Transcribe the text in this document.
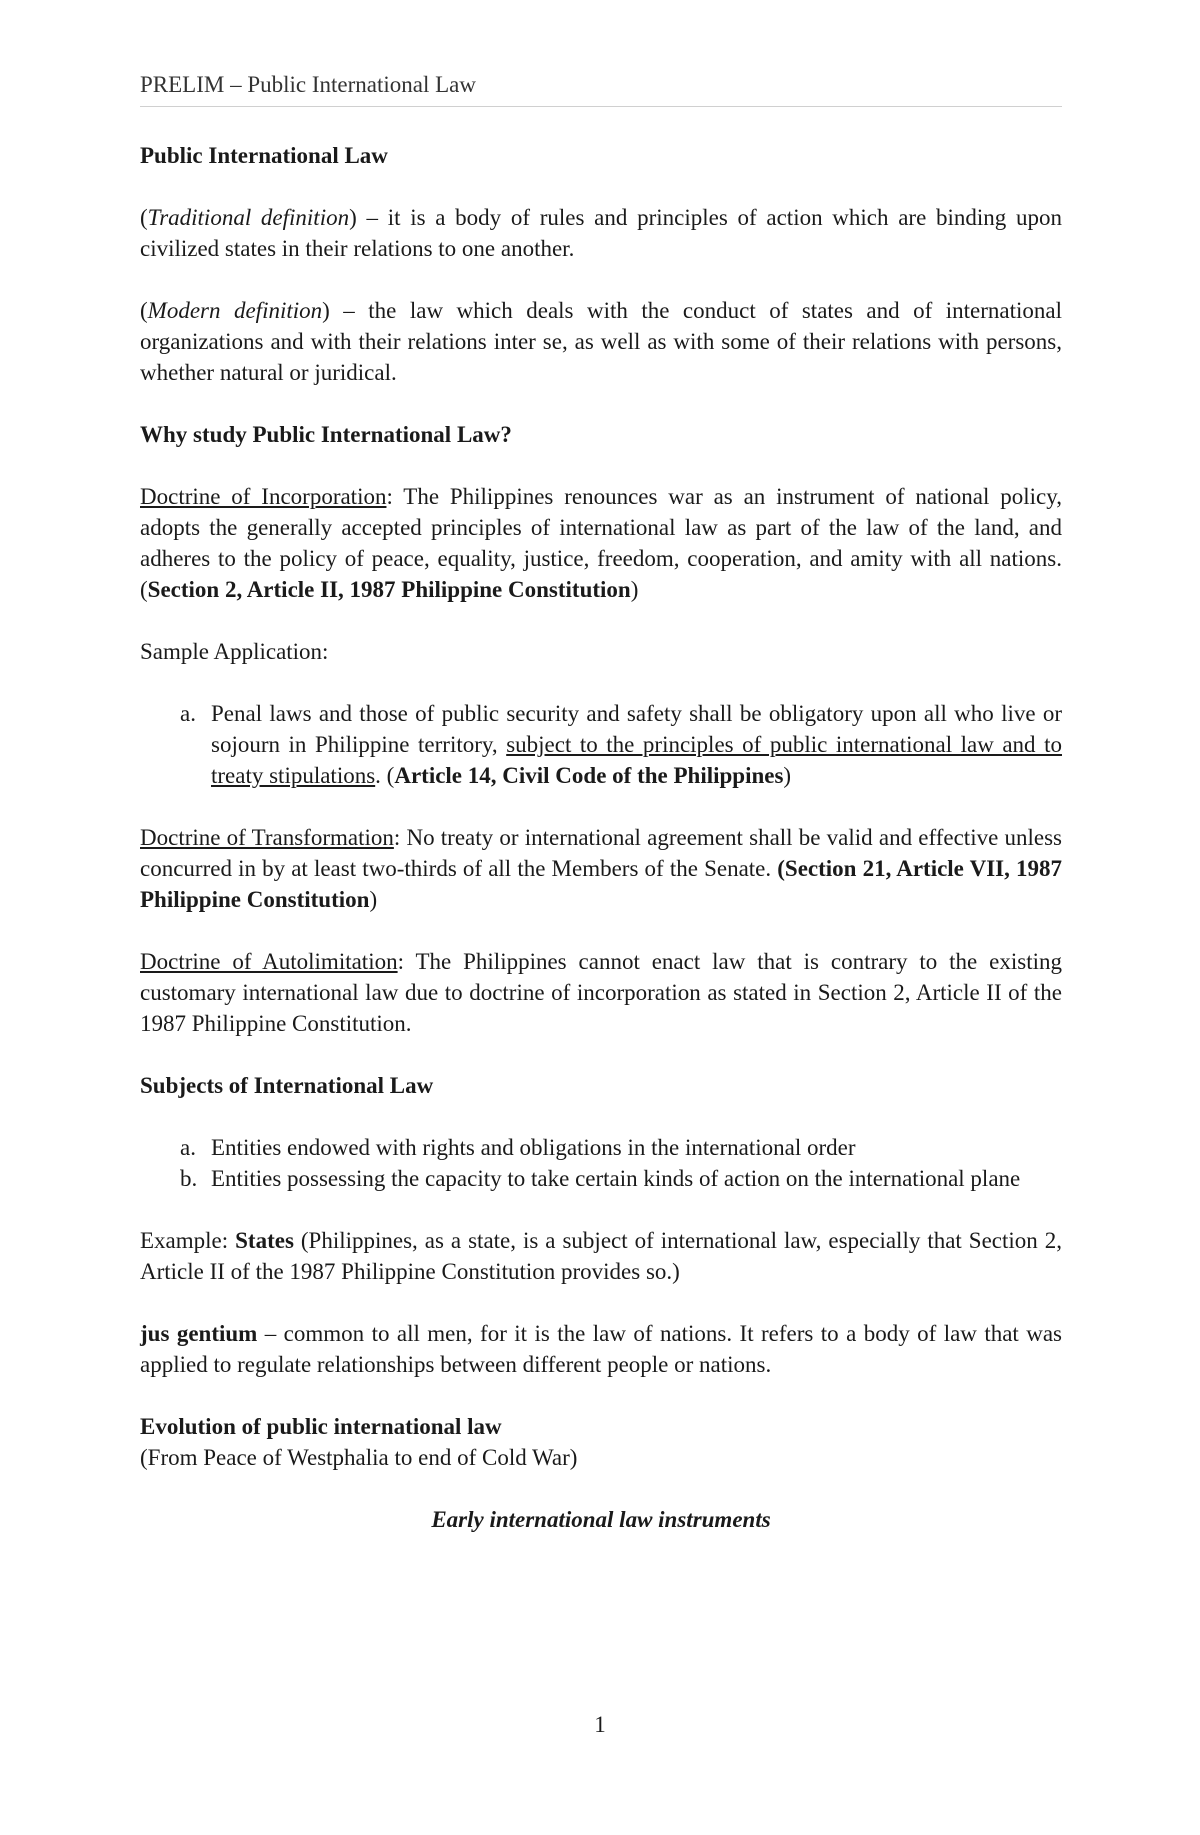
PRELIM – Public International Law

Public International Law

(Traditional definition) – it is a body of rules and principles of action which are binding upon civilized states in their relations to one another.

(Modern definition) – the law which deals with the conduct of states and of international organizations and with their relations inter se, as well as with some of their relations with persons, whether natural or juridical.

Why study Public International Law?

Doctrine of Incorporation: The Philippines renounces war as an instrument of national policy, adopts the generally accepted principles of international law as part of the law of the land, and adheres to the policy of peace, equality, justice, freedom, cooperation, and amity with all nations. (Section 2, Article II, 1987 Philippine Constitution)

Sample Application:

a. Penal laws and those of public security and safety shall be obligatory upon all who live or sojourn in Philippine territory, subject to the principles of public international law and to treaty stipulations. (Article 14, Civil Code of the Philippines)

Doctrine of Transformation: No treaty or international agreement shall be valid and effective unless concurred in by at least two-thirds of all the Members of the Senate. (Section 21, Article VII, 1987 Philippine Constitution)

Doctrine of Autolimitation: The Philippines cannot enact law that is contrary to the existing customary international law due to doctrine of incorporation as stated in Section 2, Article II of the 1987 Philippine Constitution.

Subjects of International Law

a. Entities endowed with rights and obligations in the international order
b. Entities possessing the capacity to take certain kinds of action on the international plane

Example: States (Philippines, as a state, is a subject of international law, especially that Section 2, Article II of the 1987 Philippine Constitution provides so.)

jus gentium – common to all men, for it is the law of nations. It refers to a body of law that was applied to regulate relationships between different people or nations.

Evolution of public international law

(From Peace of Westphalia to end of Cold War)

Early international law instruments

1
